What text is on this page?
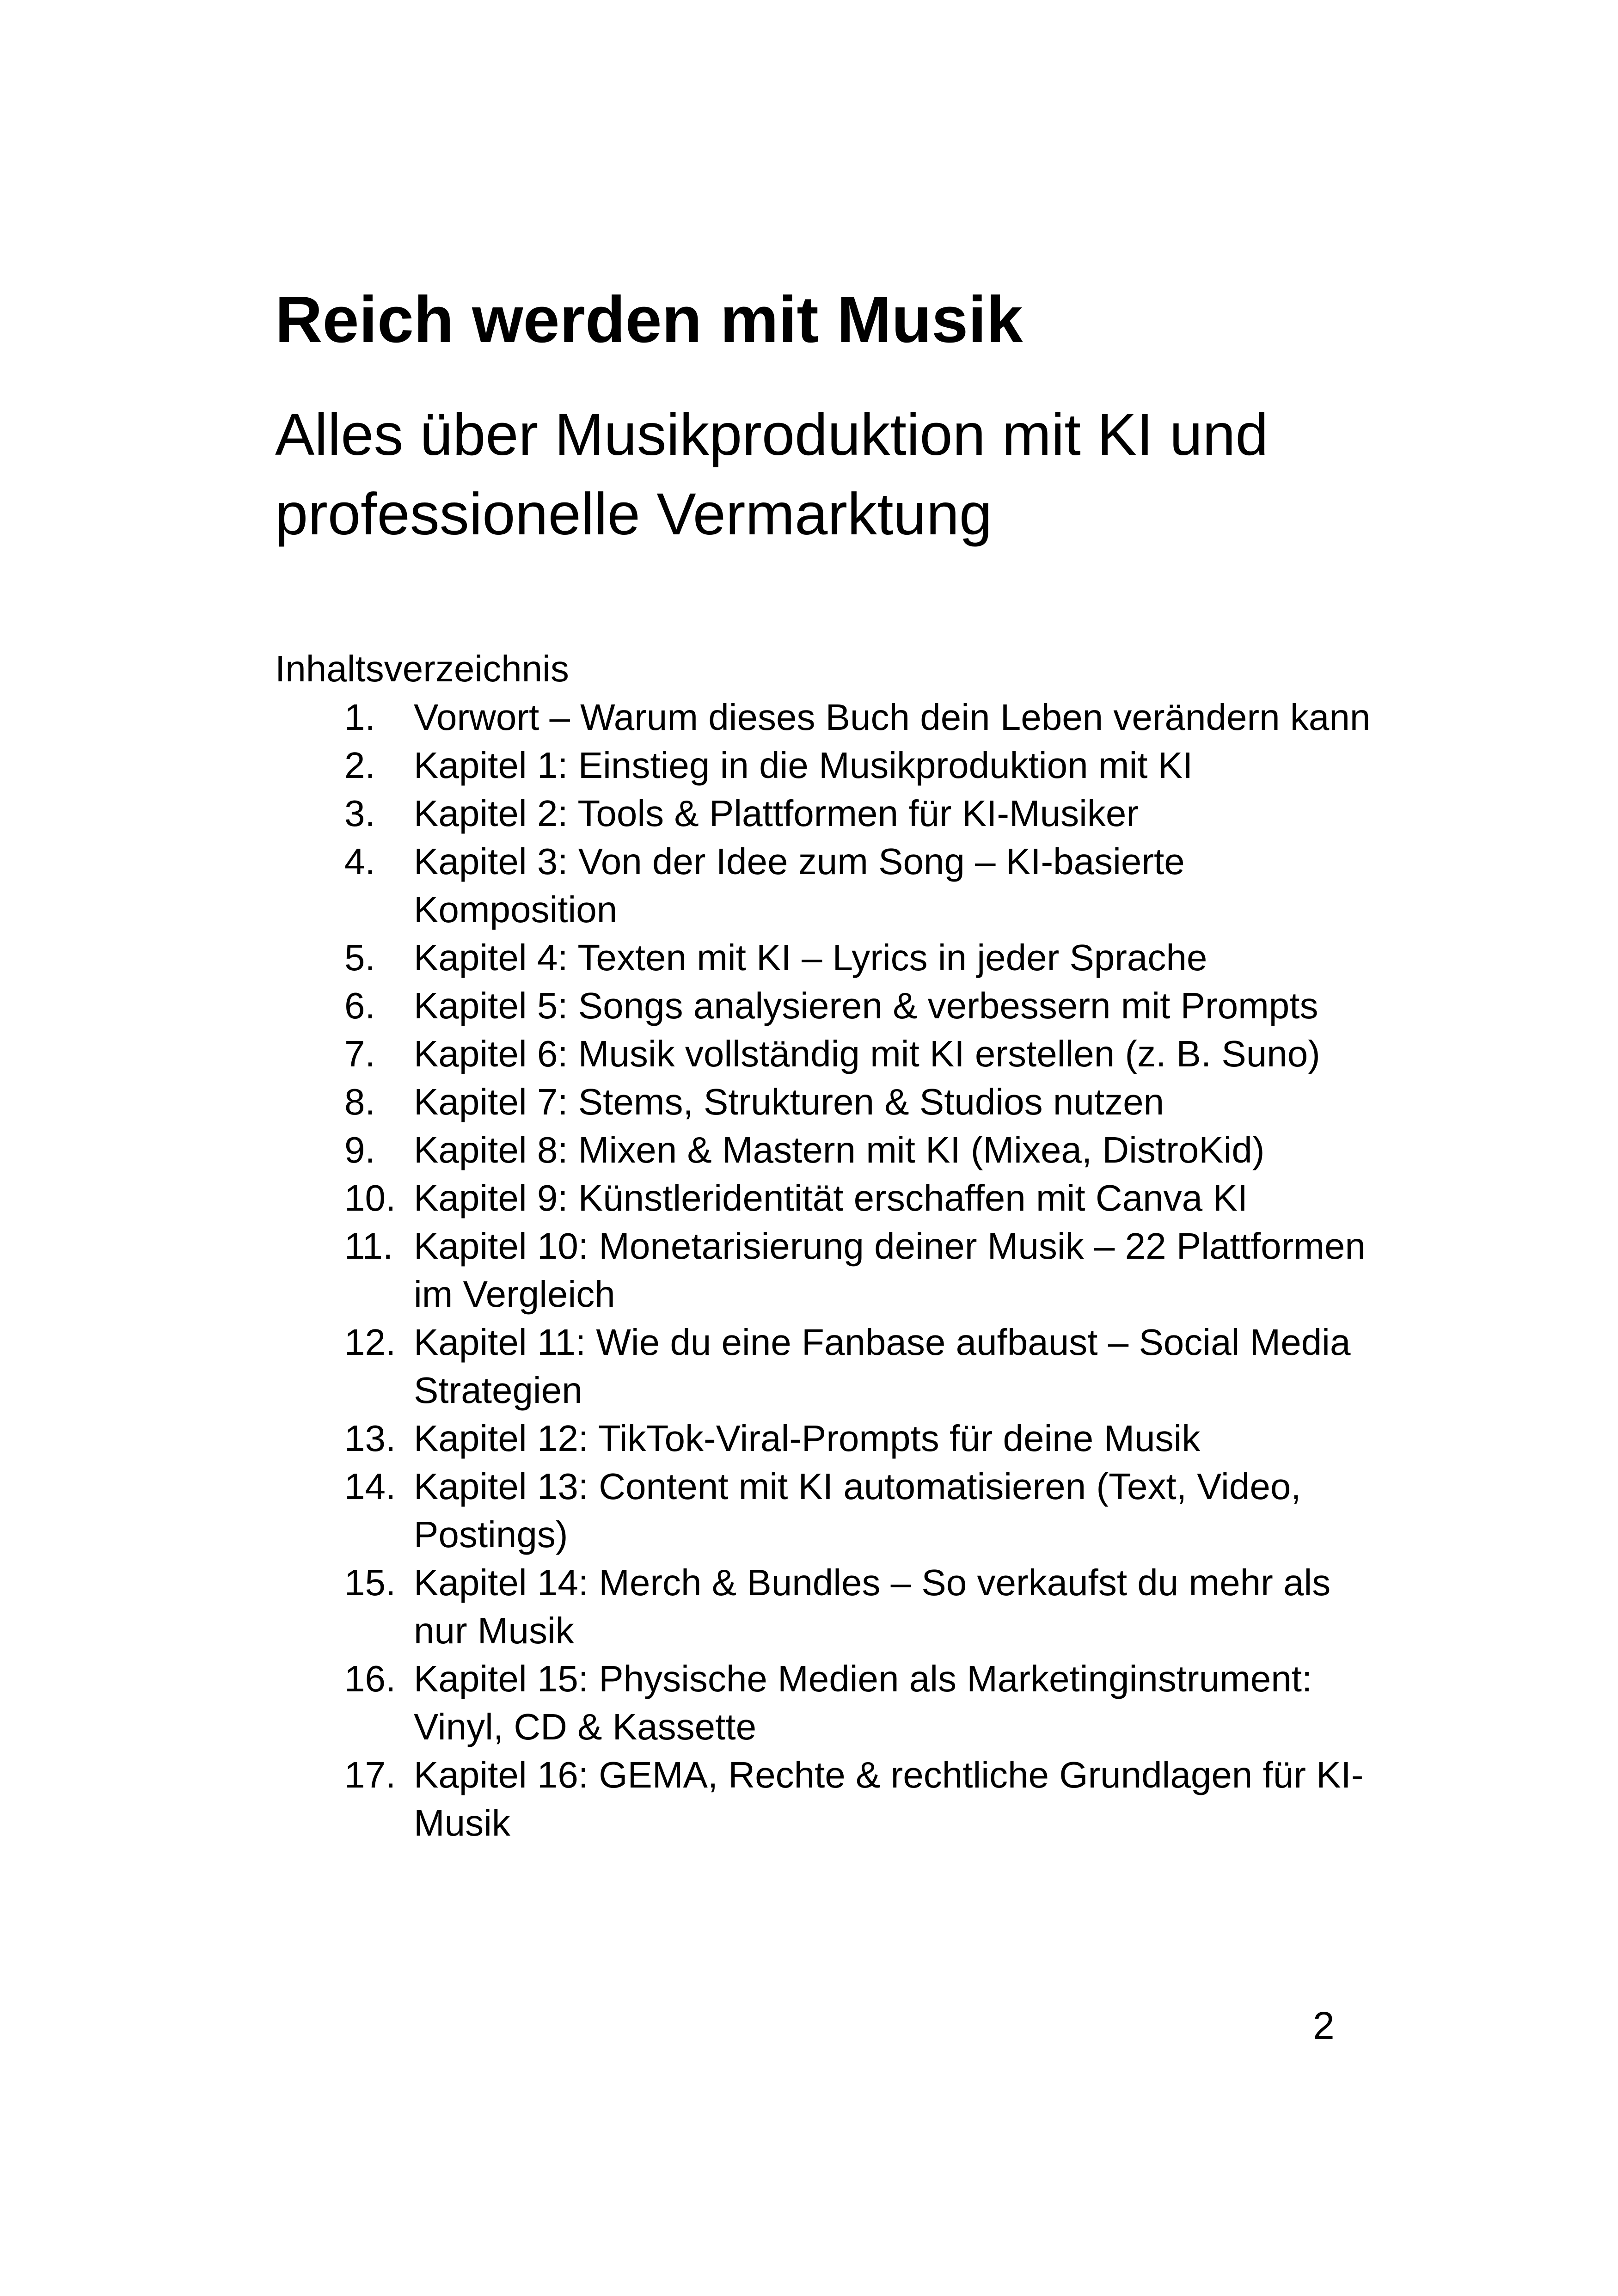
Reich werden mit Musik
Alles über Musikproduktion mit KI und professionelle Vermarktung

Inhaltsverzeichnis

1.	Vorwort – Warum dieses Buch dein Leben verändern kann
2.	Kapitel 1: Einstieg in die Musikproduktion mit KI
3.	Kapitel 2: Tools & Plattformen für KI-Musiker
4.	Kapitel 3: Von der Idee zum Song – KI-basierte Komposition
5.	Kapitel 4: Texten mit KI – Lyrics in jeder Sprache
6.	Kapitel 5: Songs analysieren & verbessern mit Prompts
7.	Kapitel 6: Musik vollständig mit KI erstellen (z. B. Suno)
8.	Kapitel 7: Stems, Strukturen & Studios nutzen
9.	Kapitel 8: Mixen & Mastern mit KI (Mixea, DistroKid)
10. Kapitel 9: Künstleridentität erschaffen mit Canva KI
11. Kapitel 10: Monetarisierung deiner Musik – 22 Plattformen im Vergleich
12. Kapitel 11: Wie du eine Fanbase aufbaust – Social Media Strategien
13. Kapitel 12: TikTok-Viral-Prompts für deine Musik
14. Kapitel 13: Content mit KI automatisieren (Text, Video, Postings)
15. Kapitel 14: Merch & Bundles – So verkaufst du mehr als nur Musik
16. Kapitel 15: Physische Medien als Marketinginstrument: Vinyl, CD & Kassette
17. Kapitel 16: GEMA, Rechte & rechtliche Grundlagen für KI-Musik

2
